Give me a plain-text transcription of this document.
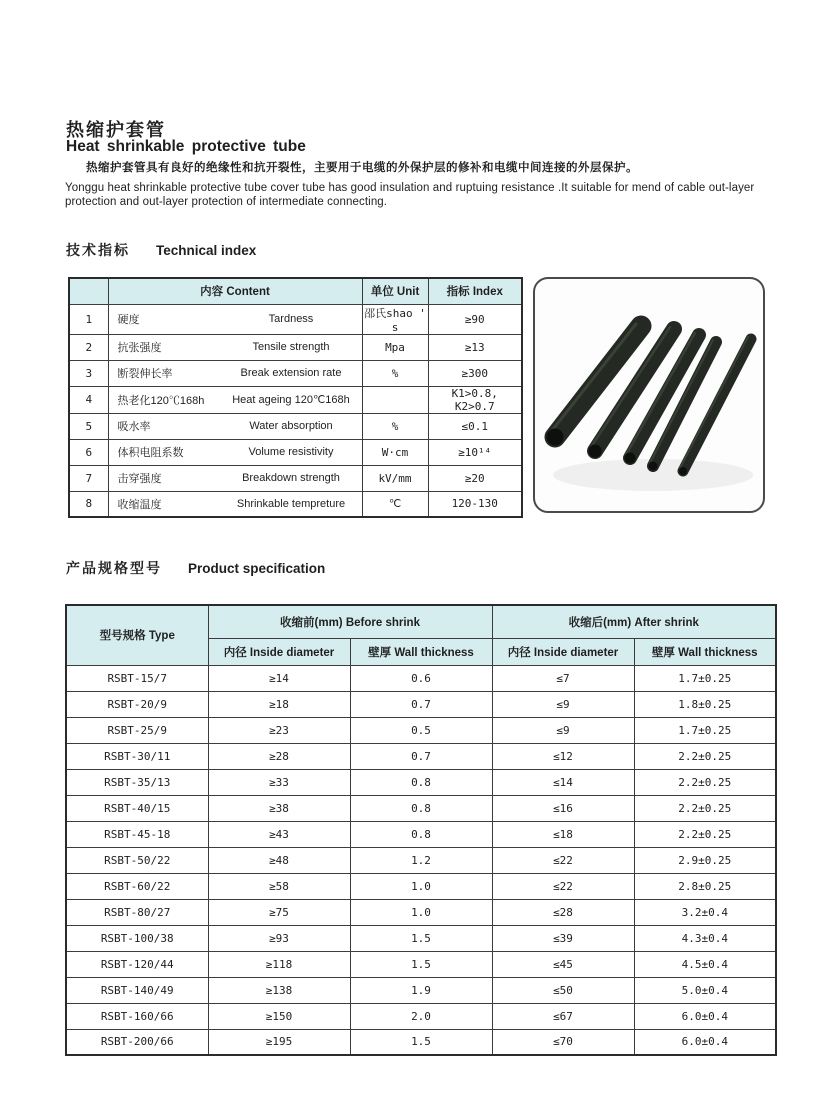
热缩护套管
Heat shrinkable protective tube

热缩护套管具有良好的绝缘性和抗开裂性，主要用于电缆的外保护层的修补和电缆中间连接的外层保护。

Yonggu heat shrinkable protective tube cover tube has good insulation and ruptuing resistance .It suitable for mend of cable out-layer protection and out-layer protection of intermediate connecting.

技术指标 Technical index
	内容 Content	单位 Unit	指标 Index
1	硬度 Tardness	邵氏shao ' s	≥90
2	抗张强度 Tensile strength	Mpa	≥13
3	断裂伸长率 Break extension rate	%	≥300
4	热老化120℃168h Heat ageing 120℃168h		K1>0.8, K2>0.7
5	吸水率 Water absorption	%	≤0.1
6	体积电阻系数 Volume resistivity	W·cm	≥10¹⁴
7	击穿强度 Breakdown strength	kV/mm	≥20
8	收缩温度 Shrinkable tempreture	℃	120-130
产品规格型号 Product specification
型号规格 Type	收缩前(mm) Before shrink		收缩后(mm) After shrink	
	内径 Inside diameter	壁厚 Wall thickness	内径 Inside diameter	壁厚 Wall thickness
RSBT-15/7	≥14	0.6	≤7	1.7±0.25
RSBT-20/9	≥18	0.7	≤9	1.8±0.25
RSBT-25/9	≥23	0.5	≤9	1.7±0.25
RSBT-30/11	≥28	0.7	≤12	2.2±0.25
RSBT-35/13	≥33	0.8	≤14	2.2±0.25
RSBT-40/15	≥38	0.8	≤16	2.2±0.25
RSBT-45-18	≥43	0.8	≤18	2.2±0.25
RSBT-50/22	≥48	1.2	≤22	2.9±0.25
RSBT-60/22	≥58	1.0	≤22	2.8±0.25
RSBT-80/27	≥75	1.0	≤28	3.2±0.4
RSBT-100/38	≥93	1.5	≤39	4.3±0.4
RSBT-120/44	≥118	1.5	≤45	4.5±0.4
RSBT-140/49	≥138	1.9	≤50	5.0±0.4
RSBT-160/66	≥150	2.0	≤67	6.0±0.4
RSBT-200/66	≥195	1.5	≤70	6.0±0.4
